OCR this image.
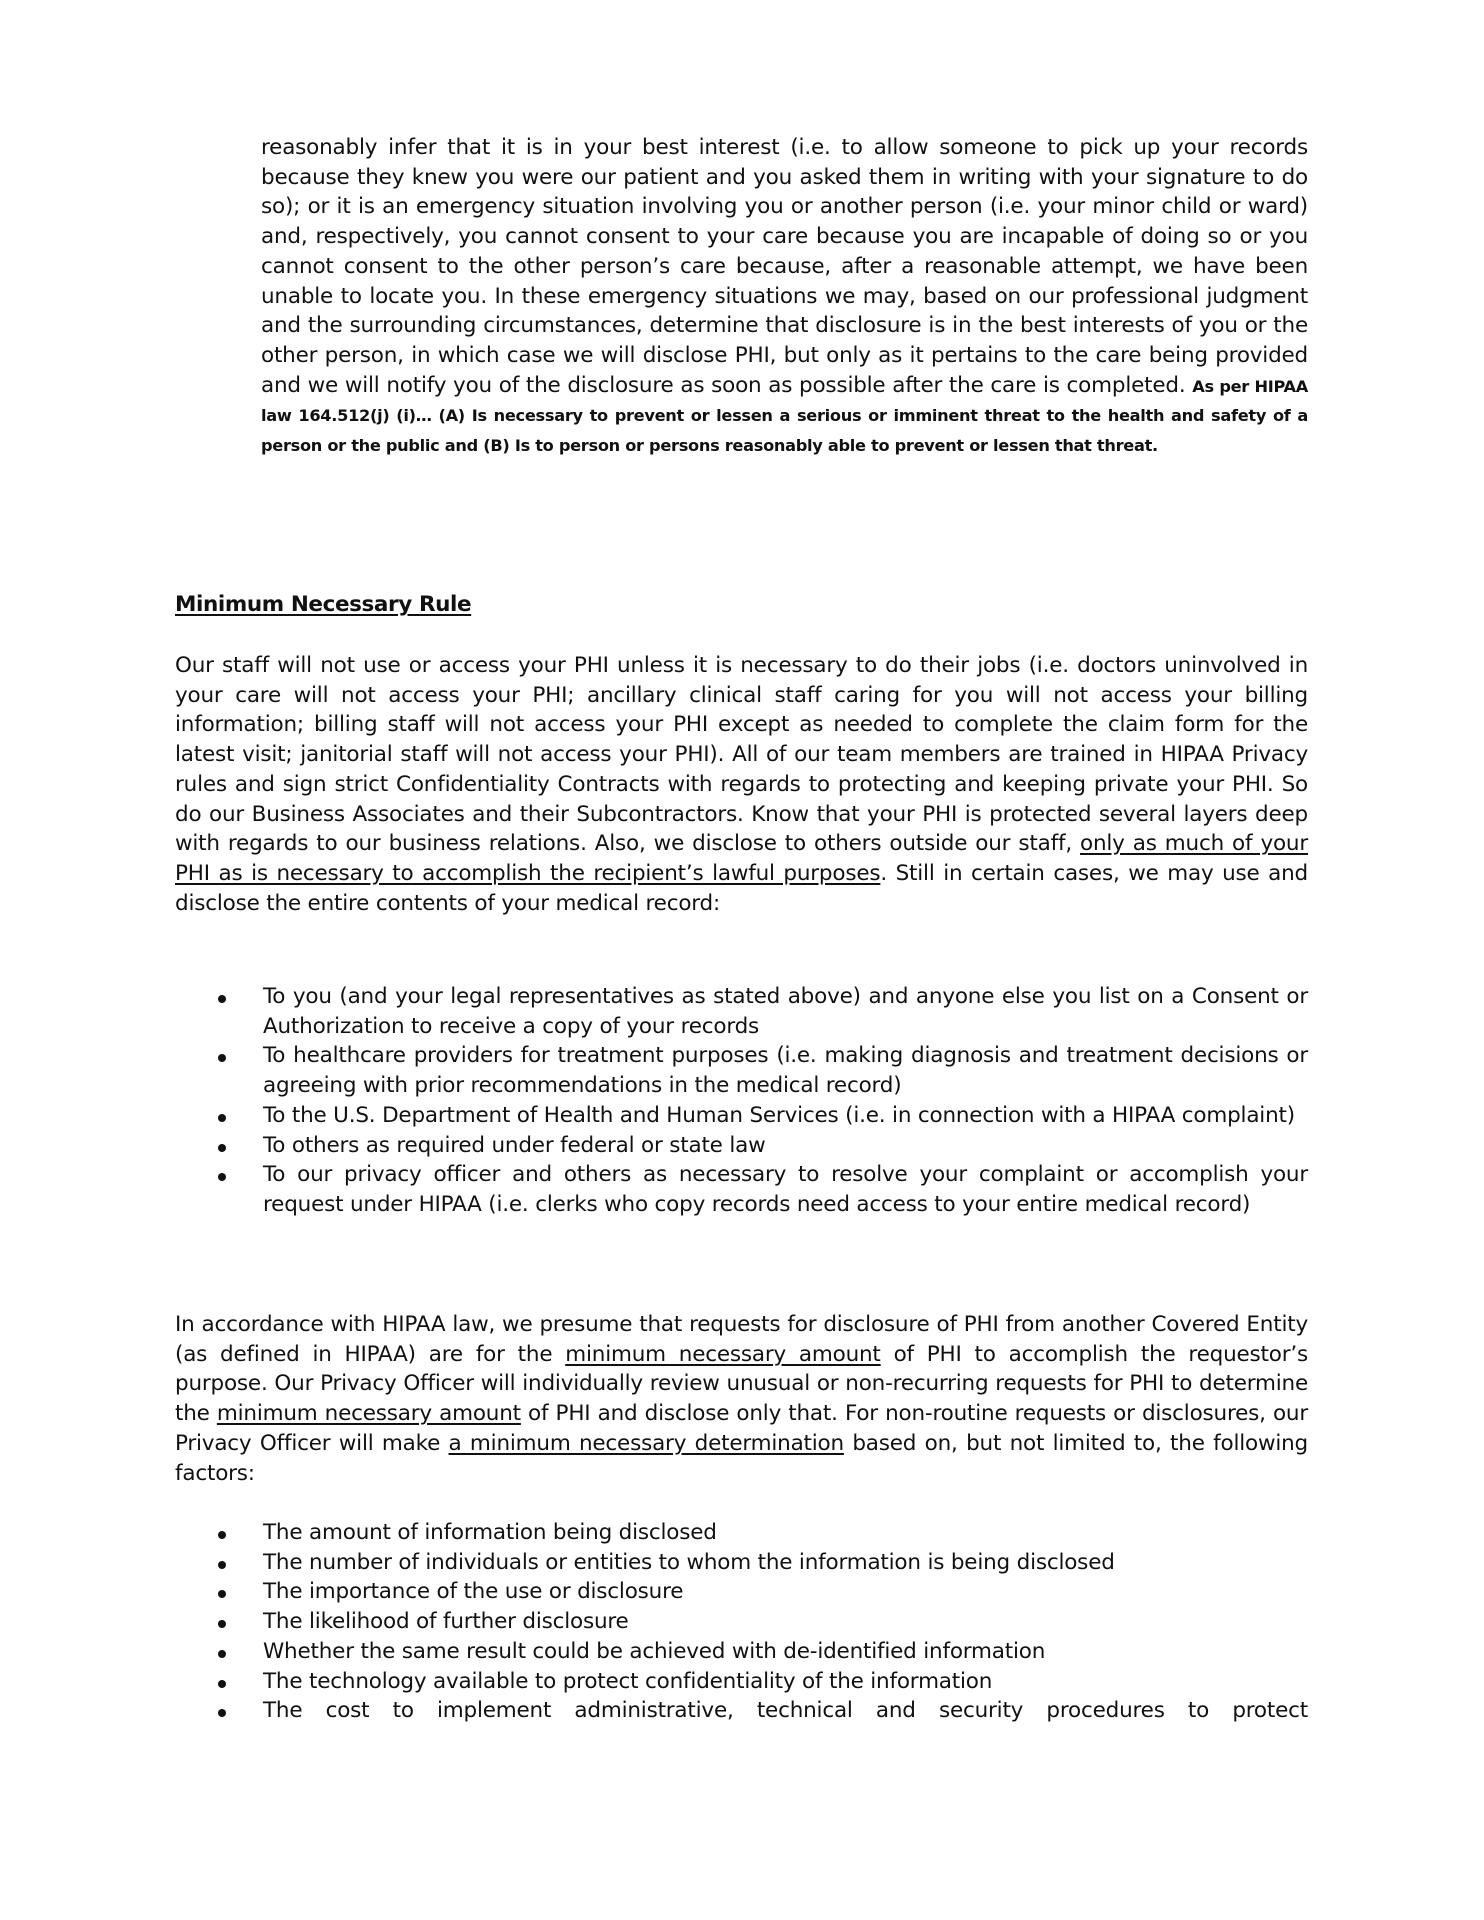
reasonably infer that it is in your best interest (i.e. to allow someone to pick up your records because they knew you were our patient and you asked them in writing with your signature to do so); or it is an emergency situation involving you or another person (i.e. your minor child or ward) and, respectively, you cannot consent to your care because you are incapable of doing so or you cannot consent to the other person’s care because, after a reasonable attempt, we have been unable to locate you. In these emergency situations we may, based on our professional judgment and the surrounding circumstances, determine that disclosure is in the best interests of you or the other person, in which case we will disclose PHI, but only as it pertains to the care being provided and we will notify you of the disclosure as soon as possible after the care is completed. As per HIPAA law 164.512(j) (i)… (A) Is necessary to prevent or lessen a serious or imminent threat to the health and safety of a person or the public and (B) Is to person or persons reasonably able to prevent or lessen that threat.
Minimum Necessary Rule
Our staff will not use or access your PHI unless it is necessary to do their jobs (i.e. doctors uninvolved in your care will not access your PHI; ancillary clinical staff caring for you will not access your billing information; billing staff will not access your PHI except as needed to complete the claim form for the latest visit; janitorial staff will not access your PHI). All of our team members are trained in HIPAA Privacy rules and sign strict Confidentiality Contracts with regards to protecting and keeping private your PHI. So do our Business Associates and their Subcontractors. Know that your PHI is protected several layers deep with regards to our business relations. Also, we disclose to others outside our staff, only as much of your PHI as is necessary to accomplish the recipient’s lawful purposes. Still in certain cases, we may use and disclose the entire contents of your medical record:
To you (and your legal representatives as stated above) and anyone else you list on a Consent or Authorization to receive a copy of your records
To healthcare providers for treatment purposes (i.e. making diagnosis and treatment decisions or agreeing with prior recommendations in the medical record)
To the U.S. Department of Health and Human Services (i.e. in connection with a HIPAA complaint)
To others as required under federal or state law
To our privacy officer and others as necessary to resolve your complaint or accomplish your request under HIPAA (i.e. clerks who copy records need access to your entire medical record)
In accordance with HIPAA law, we presume that requests for disclosure of PHI from another Covered Entity (as defined in HIPAA) are for the minimum necessary amount of PHI to accomplish the requestor’s purpose. Our Privacy Officer will individually review unusual or non-recurring requests for PHI to determine the minimum necessary amount of PHI and disclose only that. For non-routine requests or disclosures, our Privacy Officer will make a minimum necessary determination based on, but not limited to, the following factors:
The amount of information being disclosed
The number of individuals or entities to whom the information is being disclosed
The importance of the use or disclosure
The likelihood of further disclosure
Whether the same result could be achieved with de-identified information
The technology available to protect confidentiality of the information
The cost to implement administrative, technical and security procedures to protect
